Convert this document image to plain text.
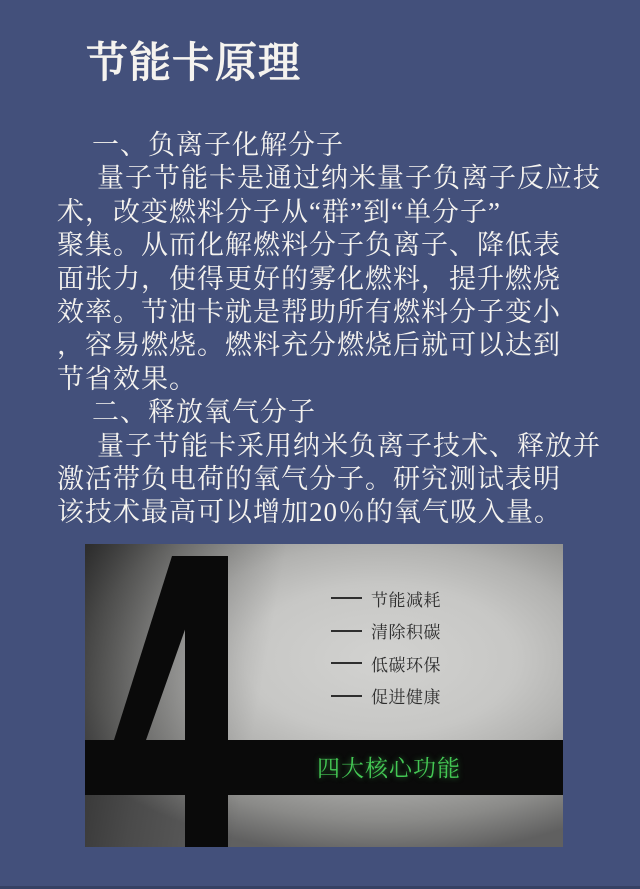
节能卡原理
一、负离子化解分子
量子节能卡是通过纳米量子负离子反应技
术，改变燃料分子从“群”到“单分子”
聚集。从而化解燃料分子负离子、降低表
面张力，使得更好的雾化燃料，提升燃烧
效率。节油卡就是帮助所有燃料分子变小
，容易燃烧。燃料充分燃烧后就可以达到
节省效果。
二、释放氧气分子
量子节能卡采用纳米负离子技术、释放并
激活带负电荷的氧气分子。研究测试表明
该技术最高可以增加20％的氧气吸入量。
节能减耗
清除积碳
低碳环保
促进健康
四大核心功能
